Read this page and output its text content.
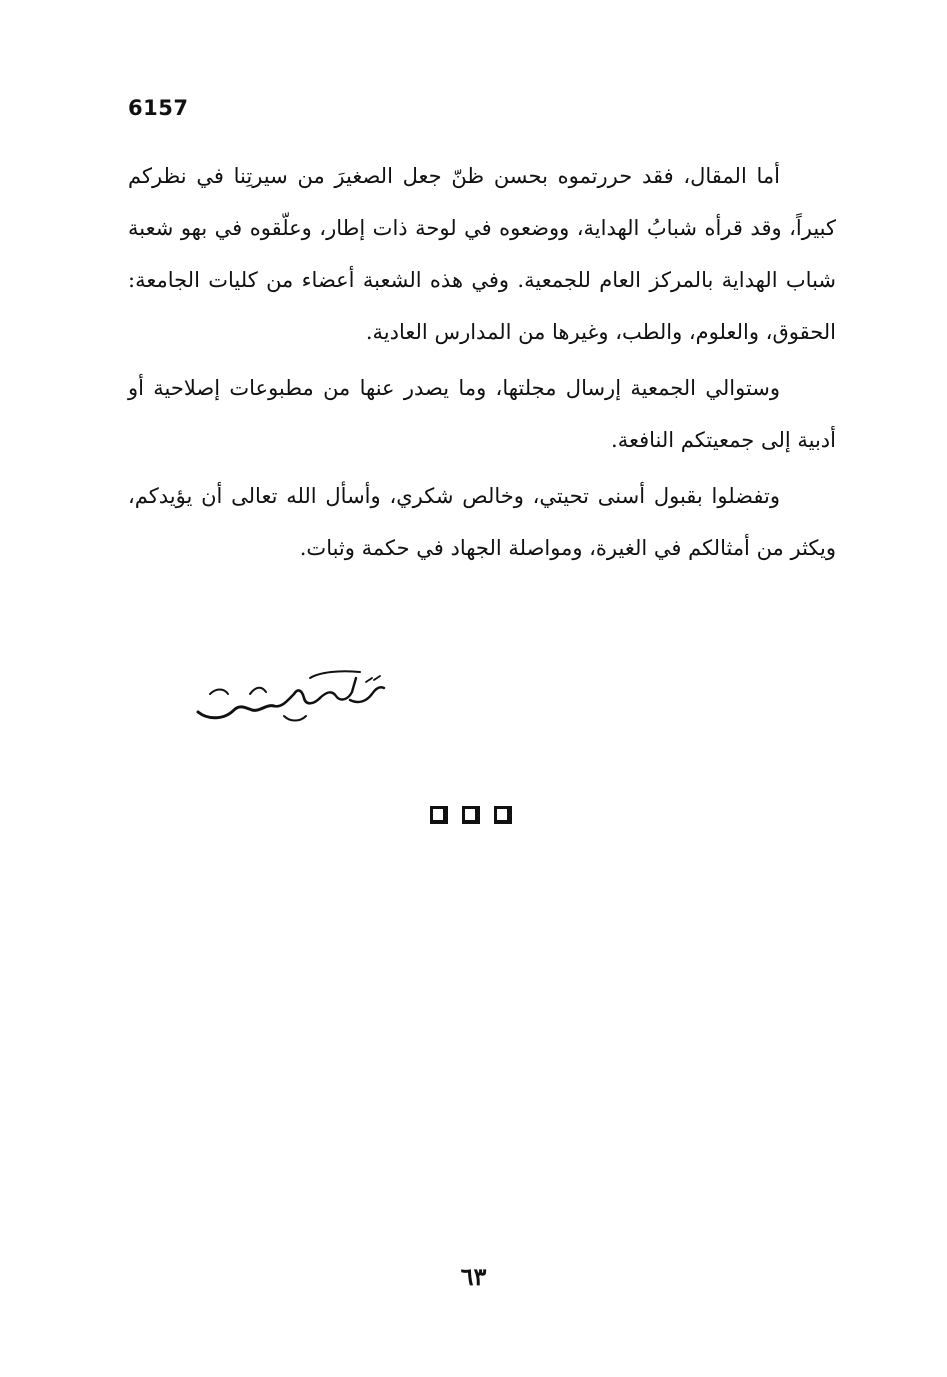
6157

أما المقال، فقد حررتموه بحسن ظنّ جعل الصغيرَ من سيرتِنا في نظركم كبيراً، وقد قرأه شبابُ الهداية، ووضعوه في لوحة ذات إطار، وعلّقوه في بهو شعبة شباب الهداية بالمركز العام للجمعية. وفي هذه الشعبة أعضاء من كليات الجامعة: الحقوق، والعلوم، والطب، وغيرها من المدارس العادية.

وستوالي الجمعية إرسال مجلتها، وما يصدر عنها من مطبوعات إصلاحية أو أدبية إلى جمعيتكم النافعة.

وتفضلوا بقبول أسنى تحيتي، وخالص شكري، وأسأل الله تعالى أن يؤيدكم، ويكثر من أمثالكم في الغيرة، ومواصلة الجهاد في حكمة وثبات.

٦٣
